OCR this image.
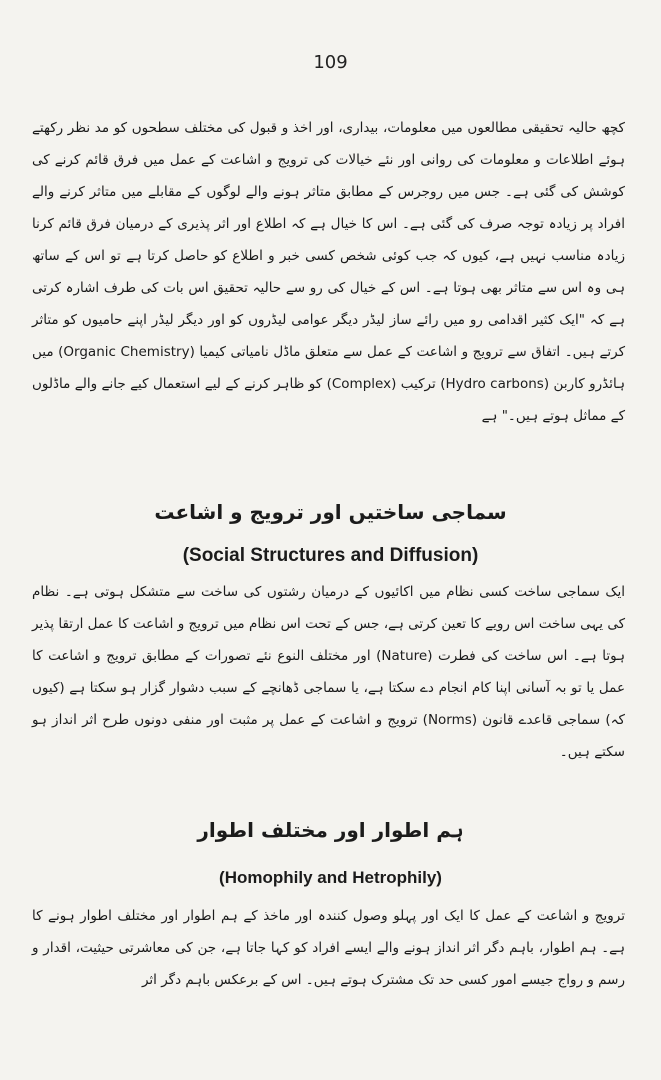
109

کچھ حالیہ تحقیقی مطالعوں میں معلومات، بیداری، اور اخذ و قبول کی مختلف سطحوں کو مد نظر رکھتے ہوئے اطلاعات و معلومات کی روانی اور نئے خیالات کی ترویج و اشاعت کے عمل میں فرق قائم کرنے کی کوشش کی گئی ہے۔ جس میں روجرس کے مطابق متاثر ہونے والے لوگوں کے مقابلے میں متاثر کرنے والے افراد پر زیادہ توجہ صرف کی گئی ہے۔ اس کا خیال ہے کہ اطلاع اور اثر پذیری کے درمیان فرق قائم کرنا زیادہ مناسب نہیں ہے، کیوں کہ جب کوئی شخص کسی خبر و اطلاع کو حاصل کرتا ہے تو اس کے ساتھ ہی وہ اس سے متاثر بھی ہوتا ہے۔ اس کے خیال کی رو سے حالیہ تحقیق اس بات کی طرف اشارہ کرتی ہے کہ "ایک کثیر اقدامی رو میں رائے ساز لیڈر دیگر عوامی لیڈروں کو اور دیگر لیڈر اپنے حامیوں کو متاثر کرتے ہیں۔ اتفاق سے ترویج و اشاعت کے عمل سے متعلق ماڈل نامیاتی کیمیا (Organic Chemistry) میں ہائڈرو کاربن (Hydro carbons) ترکیب (Complex) کو ظاہر کرنے کے لیے استعمال کیے جانے والے ماڈلوں کے مماثل ہوتے ہیں۔" ہے

سماجی ساختیں اور ترویج و اشاعت
(Social Structures and Diffusion)

ایک سماجی ساخت کسی نظام میں اکائیوں کے درمیان رشتوں کی ساخت سے متشکل ہوتی ہے۔ نظام کی یہی ساخت اس رویے کا تعین کرتی ہے، جس کے تحت اس نظام میں ترویج و اشاعت کا عمل ارتقا پذیر ہوتا ہے۔ اس ساخت کی فطرت (Nature) اور مختلف النوع نئے تصورات کے مطابق ترویج و اشاعت کا عمل یا تو بہ آسانی اپنا کام انجام دے سکتا ہے، یا سماجی ڈھانچے کے سبب دشوار گزار ہو سکتا ہے (کیوں کہ) سماجی قاعدے قانون (Norms) ترویج و اشاعت کے عمل پر مثبت اور منفی دونوں طرح اثر انداز ہو سکتے ہیں۔

ہم اطوار اور مختلف اطوار
(Homophily and Hetrophily)

ترویج و اشاعت کے عمل کا ایک اور پہلو وصول کنندہ اور ماخذ کے ہم اطوار اور مختلف اطوار ہونے کا ہے۔ ہم اطوار، باہم دگر اثر انداز ہونے والے ایسے افراد کو کہا جاتا ہے، جن کی معاشرتی حیثیت، اقدار و رسم و رواج جیسے امور کسی حد تک مشترک ہوتے ہیں۔ اس کے برعکس باہم دگر اثر
